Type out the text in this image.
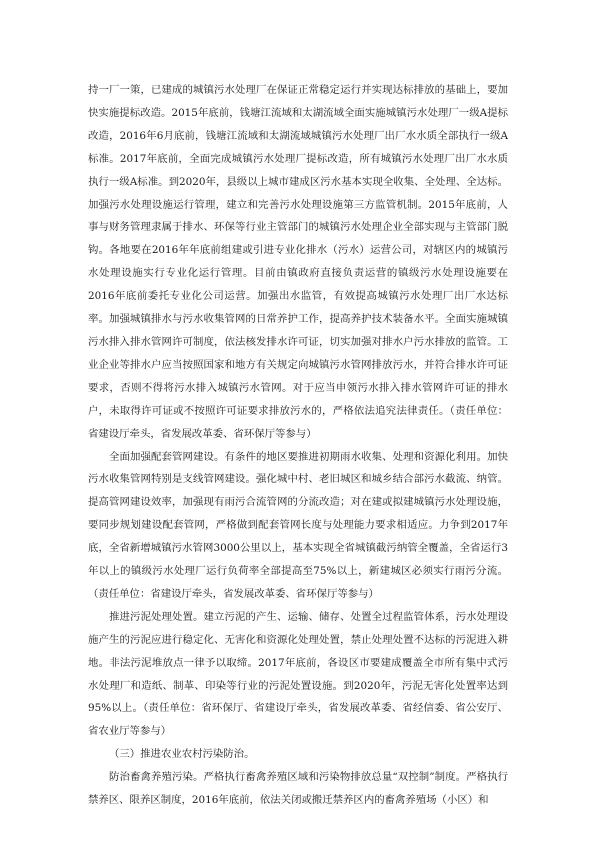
持一厂一策，已建成的城镇污水处理厂在保证正常稳定运行并实现达标排放的基础上，要加快实施提标改造。2015年底前，钱塘江流域和太湖流域全面实施城镇污水处理厂一级A提标改造，2016年6月底前，钱塘江流域和太湖流域城镇污水处理厂出厂水水质全部执行一级A标准。2017年底前，全面完成城镇污水处理厂提标改造，所有城镇污水处理厂出厂水水质执行一级A标准。到2020年，县级以上城市建成区污水基本实现全收集、全处理、全达标。加强污水处理设施运行管理，建立和完善污水处理设施第三方监管机制。2015年底前，人事与财务管理隶属于排水、环保等行业主管部门的城镇污水处理企业全部实现与主管部门脱钩。各地要在2016年年底前组建或引进专业化排水（污水）运营公司，对辖区内的城镇污水处理设施实行专业化运行管理。目前由镇政府直接负责运营的镇级污水处理设施要在2016年底前委托专业化公司运营。加强出水监管，有效提高城镇污水处理厂出厂水达标率。加强城镇排水与污水收集管网的日常养护工作，提高养护技术装备水平。全面实施城镇污水排入排水管网许可制度，依法核发排水许可证，切实加强对排水户污水排放的监管。工业企业等排水户应当按照国家和地方有关规定向城镇污水管网排放污水，并符合排水许可证要求，否则不得将污水排入城镇污水管网。对于应当申领污水排入排水管网许可证的排水户，未取得许可证或不按照许可证要求排放污水的，严格依法追究法律责任。（责任单位：省建设厅牵头，省发展改革委、省环保厅等参与）

全面加强配套管网建设。有条件的地区要推进初期雨水收集、处理和资源化利用。加快污水收集管网特别是支线管网建设。强化城中村、老旧城区和城乡结合部污水截流、纳管。提高管网建设效率，加强现有雨污合流管网的分流改造；对在建或拟建城镇污水处理设施，要同步规划建设配套管网，严格做到配套管网长度与处理能力要求相适应。力争到2017年底，全省新增城镇污水管网3000公里以上，基本实现全省城镇截污纳管全覆盖，全省运行3年以上的镇级污水处理厂运行负荷率全部提高至75%以上，新建城区必须实行雨污分流。（责任单位：省建设厅牵头，省发展改革委、省环保厅等参与）

推进污泥处理处置。建立污泥的产生、运输、储存、处置全过程监管体系，污水处理设施产生的污泥应进行稳定化、无害化和资源化处理处置，禁止处理处置不达标的污泥进入耕地。非法污泥堆放点一律予以取缔。2017年底前，各设区市要建成覆盖全市所有集中式污水处理厂和造纸、制革、印染等行业的污泥处置设施。到2020年，污泥无害化处置率达到95%以上。（责任单位：省环保厅、省建设厅牵头，省发展改革委、省经信委、省公安厅、省农业厅等参与）

（三）推进农业农村污染防治。

防治畜禽养殖污染。严格执行畜禽养殖区域和污染物排放总量“双控制”制度。严格执行禁养区、限养区制度，2016年底前，依法关闭或搬迁禁养区内的畜禽养殖场（小区）和
